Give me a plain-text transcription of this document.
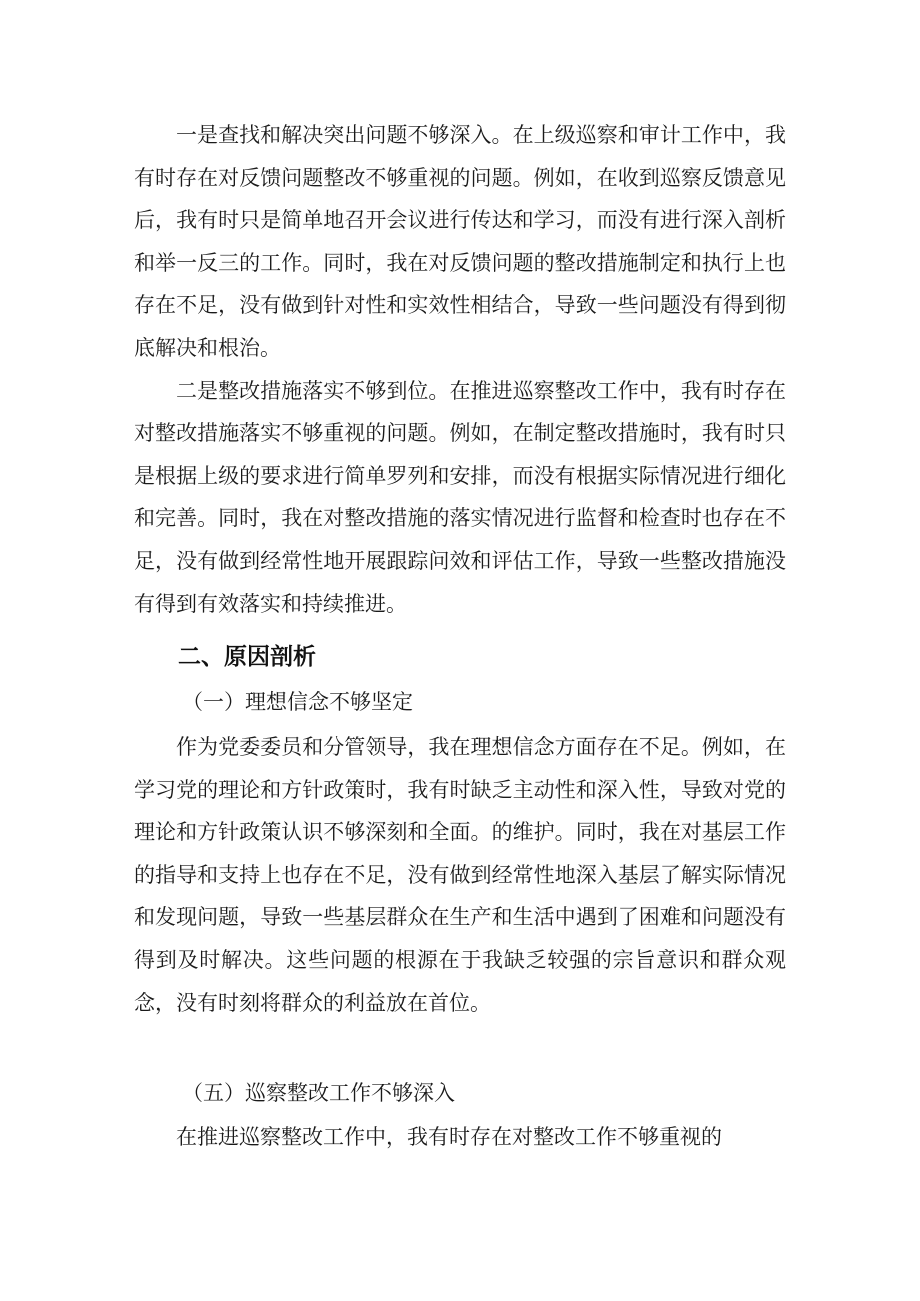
一是查找和解决突出问题不够深入。在上级巡察和审计工作中，我有时存在对反馈问题整改不够重视的问题。例如，在收到巡察反馈意见后，我有时只是简单地召开会议进行传达和学习，而没有进行深入剖析和举一反三的工作。同时，我在对反馈问题的整改措施制定和执行上也存在不足，没有做到针对性和实效性相结合，导致一些问题没有得到彻底解决和根治。

二是整改措施落实不够到位。在推进巡察整改工作中，我有时存在对整改措施落实不够重视的问题。例如，在制定整改措施时，我有时只是根据上级的要求进行简单罗列和安排，而没有根据实际情况进行细化和完善。同时，我在对整改措施的落实情况进行监督和检查时也存在不足，没有做到经常性地开展跟踪问效和评估工作，导致一些整改措施没有得到有效落实和持续推进。

二、原因剖析

（一）理想信念不够坚定

作为党委委员和分管领导，我在理想信念方面存在不足。例如，在学习党的理论和方针政策时，我有时缺乏主动性和深入性，导致对党的理论和方针政策认识不够深刻和全面。的维护。同时，我在对基层工作的指导和支持上也存在不足，没有做到经常性地深入基层了解实际情况和发现问题，导致一些基层群众在生产和生活中遇到了困难和问题没有得到及时解决。这些问题的根源在于我缺乏较强的宗旨意识和群众观念，没有时刻将群众的利益放在首位。

（五）巡察整改工作不够深入

在推进巡察整改工作中，我有时存在对整改工作不够重视的
